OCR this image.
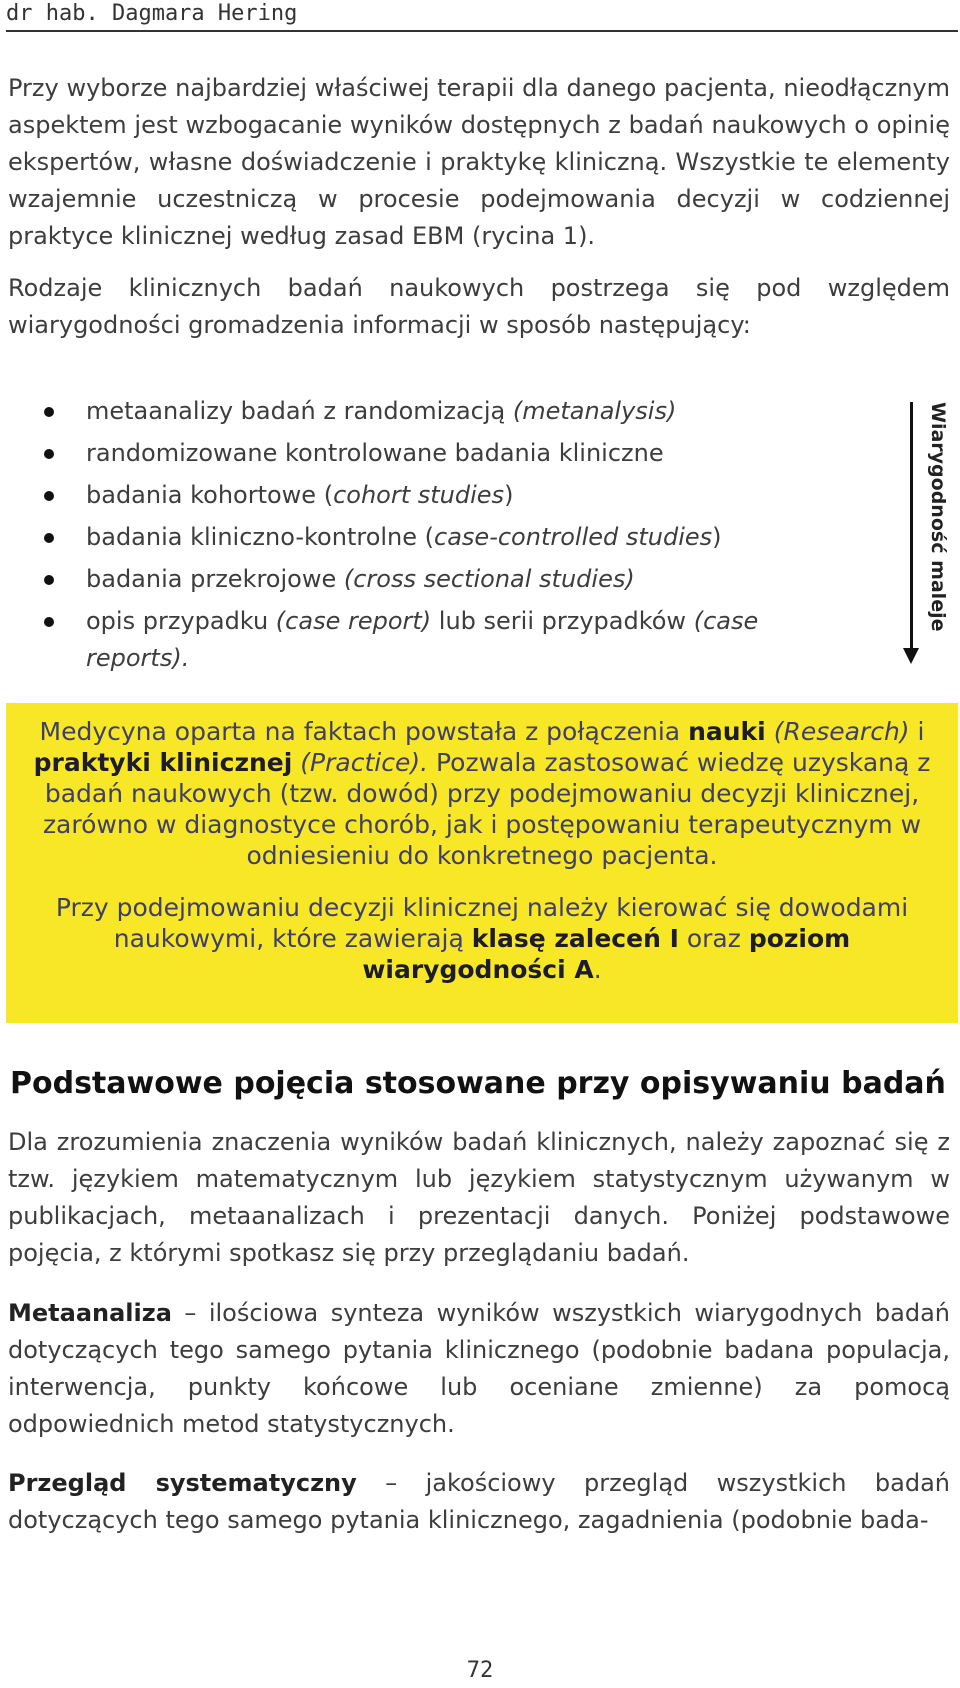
dr hab. Dagmara Hering

Przy wyborze najbardziej właściwej terapii dla danego pacjenta, nieodłącznym aspektem jest wzbogacanie wyników dostępnych z badań naukowych o opinię ekspertów, własne doświadczenie i praktykę kliniczną. Wszystkie te elementy wzajemnie uczestniczą w procesie podejmowania decyzji w codziennej praktyce klinicznej według zasad EBM (rycina 1).

Rodzaje klinicznych badań naukowych postrzega się pod względem wiarygodności gromadzenia informacji w sposób następujący:

metaanalizy badań z randomizacją (metanalysis)
randomizowane kontrolowane badania kliniczne
badania kohortowe (cohort studies)
badania kliniczno-kontrolne (case-controlled studies)
badania przekrojowe (cross sectional studies)
opis przypadku (case report) lub serii przypadków (case reports).
Wiarygodność maleje

Medycyna oparta na faktach powstała z połączenia nauki (Research) i praktyki klinicznej (Practice). Pozwala zastosować wiedzę uzyskaną z badań naukowych (tzw. dowód) przy podejmowaniu decyzji klinicznej, zarówno w diagnostyce chorób, jak i postępowaniu terapeutycznym w odniesieniu do konkretnego pacjenta.

Przy podejmowaniu decyzji klinicznej należy kierować się dowodami naukowymi, które zawierają klasę zaleceń I oraz poziom wiarygodności A.

Podstawowe pojęcia stosowane przy opisywaniu badań

Dla zrozumienia znaczenia wyników badań klinicznych, należy zapoznać się z tzw. językiem matematycznym lub językiem statystycznym używanym w publikacjach, metaanalizach i prezentacji danych. Poniżej podstawowe pojęcia, z którymi spotkasz się przy przeglądaniu badań.

Metaanaliza – ilościowa synteza wyników wszystkich wiarygodnych badań dotyczących tego samego pytania klinicznego (podobnie badana populacja, interwencja, punkty końcowe lub oceniane zmienne) za pomocą odpowiednich metod statystycznych.

Przegląd systematyczny – jakościowy przegląd wszystkich badań dotyczących tego samego pytania klinicznego, zagadnienia (podobnie bada-

72
